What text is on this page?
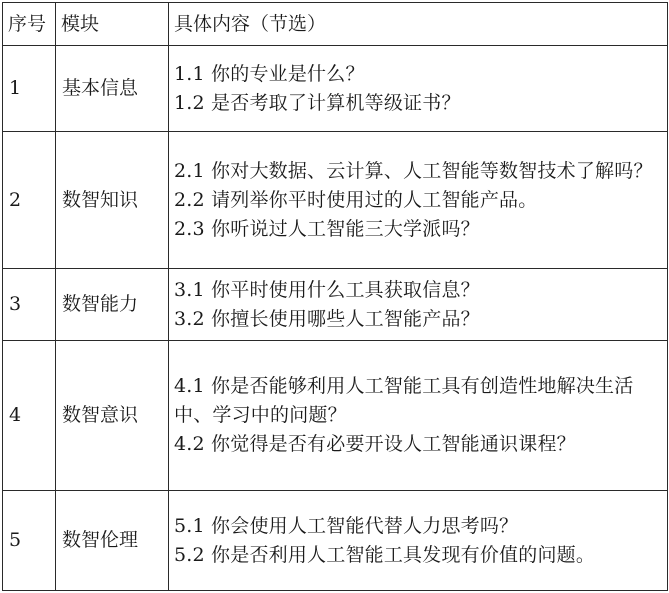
序号	模块	具体内容（节选）
1	基本信息	1.1 你的专业是什么？
1.2 是否考取了计算机等级证书？

2	数智知识	2.1 你对大数据、云计算、人工智能等数智技术了解吗？
2.2 请列举你平时使用过的人工智能产品。
2.3 你听说过人工智能三大学派吗？

3	数智能力	3.1 你平时使用什么工具获取信息？
3.2 你擅长使用哪些人工智能产品？

4	数智意识	4.1 你是否能够利用人工智能工具有创造性地解决生活中、学习中的问题？
4.2 你觉得是否有必要开设人工智能通识课程？

5	数智伦理	5.1 你会使用人工智能代替人力思考吗？
5.2 你是否利用人工智能工具发现有价值的问题。
